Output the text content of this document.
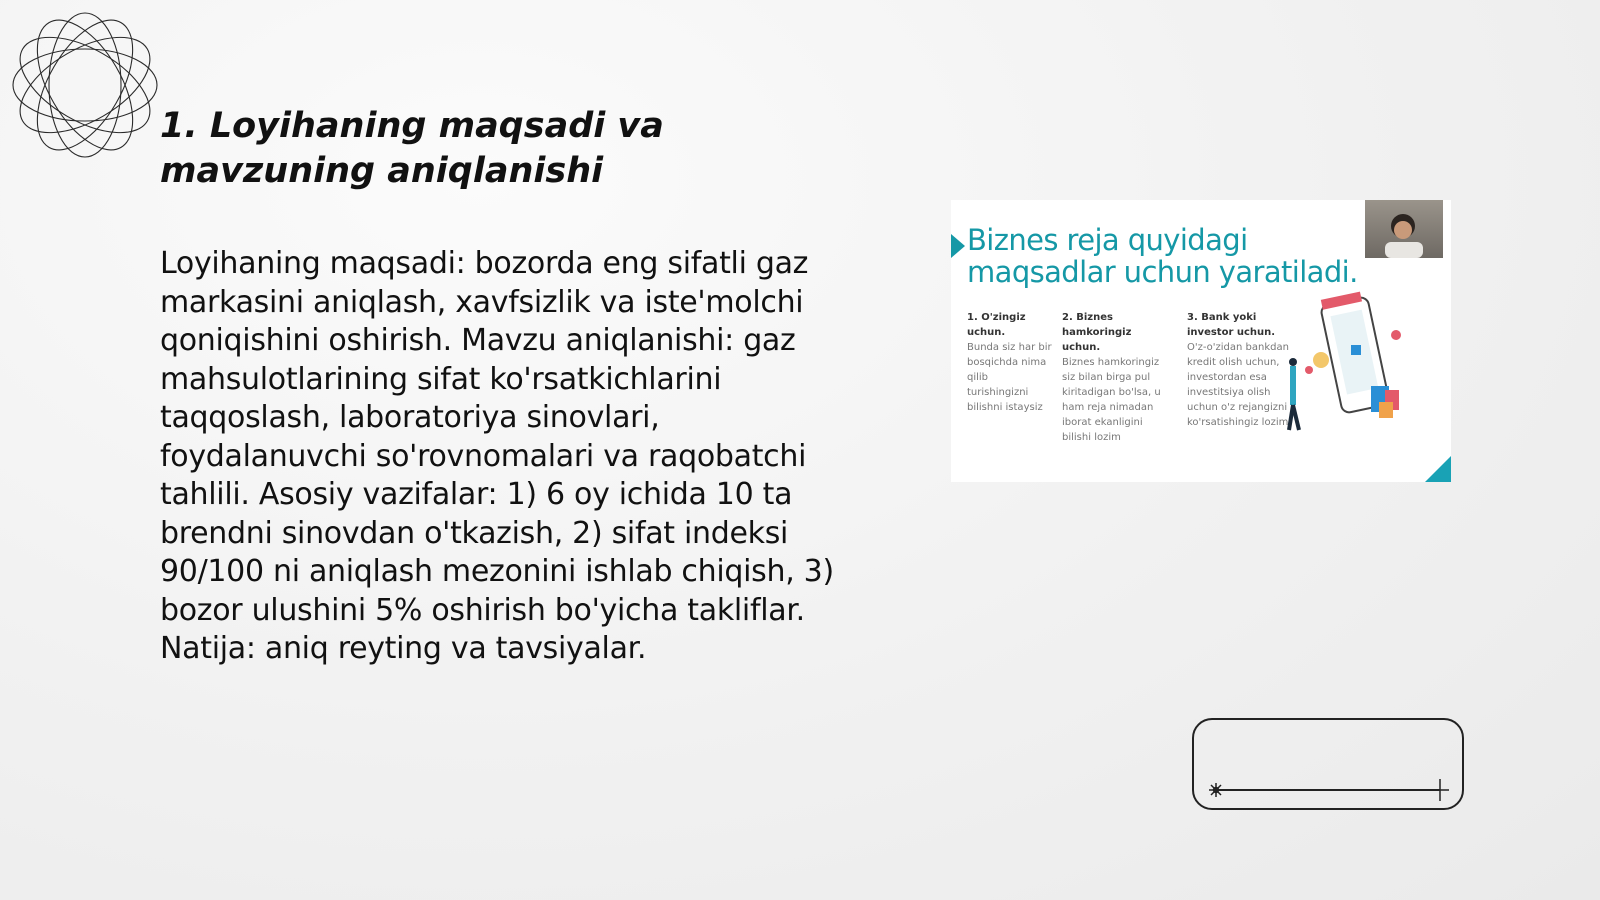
1. Loyihaning maqsadi va mavzuning aniqlanishi

Loyihaning maqsadi: bozorda eng sifatli gaz markasini aniqlash, xavfsizlik va iste'molchi qoniqishini oshirish. Mavzu aniqlanishi: gaz mahsulotlarining sifat ko'rsatkichlarini taqqoslash, laboratoriya sinovlari, foydalanuvchi so'rovnomalari va raqobatchi tahlili. Asosiy vazifalar: 1) 6 oy ichida 10 ta brendni sinovdan o'tkazish, 2) sifat indeksi 90/100 ni aniqlash mezonini ishlab chiqish, 3) bozor ulushini 5% oshirish bo'yicha takliflar. Natija: aniq reyting va tavsiyalar.

Biznes reja quyidagi
maqsadlar uchun yaratiladi.
1. O'zingiz uchun.
Bunda siz har bir bosqichda nima qilib turishingizni bilishni istaysiz
2. Biznes hamkoringiz uchun.
Biznes hamkoringiz siz bilan birga pul kiritadigan bo'lsa, u ham reja nimadan iborat ekanligini bilishi lozim
3. Bank yoki investor uchun.
O'z-o'zidan bankdan kredit olish uchun, investordan esa investitsiya olish uchun o'z rejangizni ko'rsatishingiz lozim
